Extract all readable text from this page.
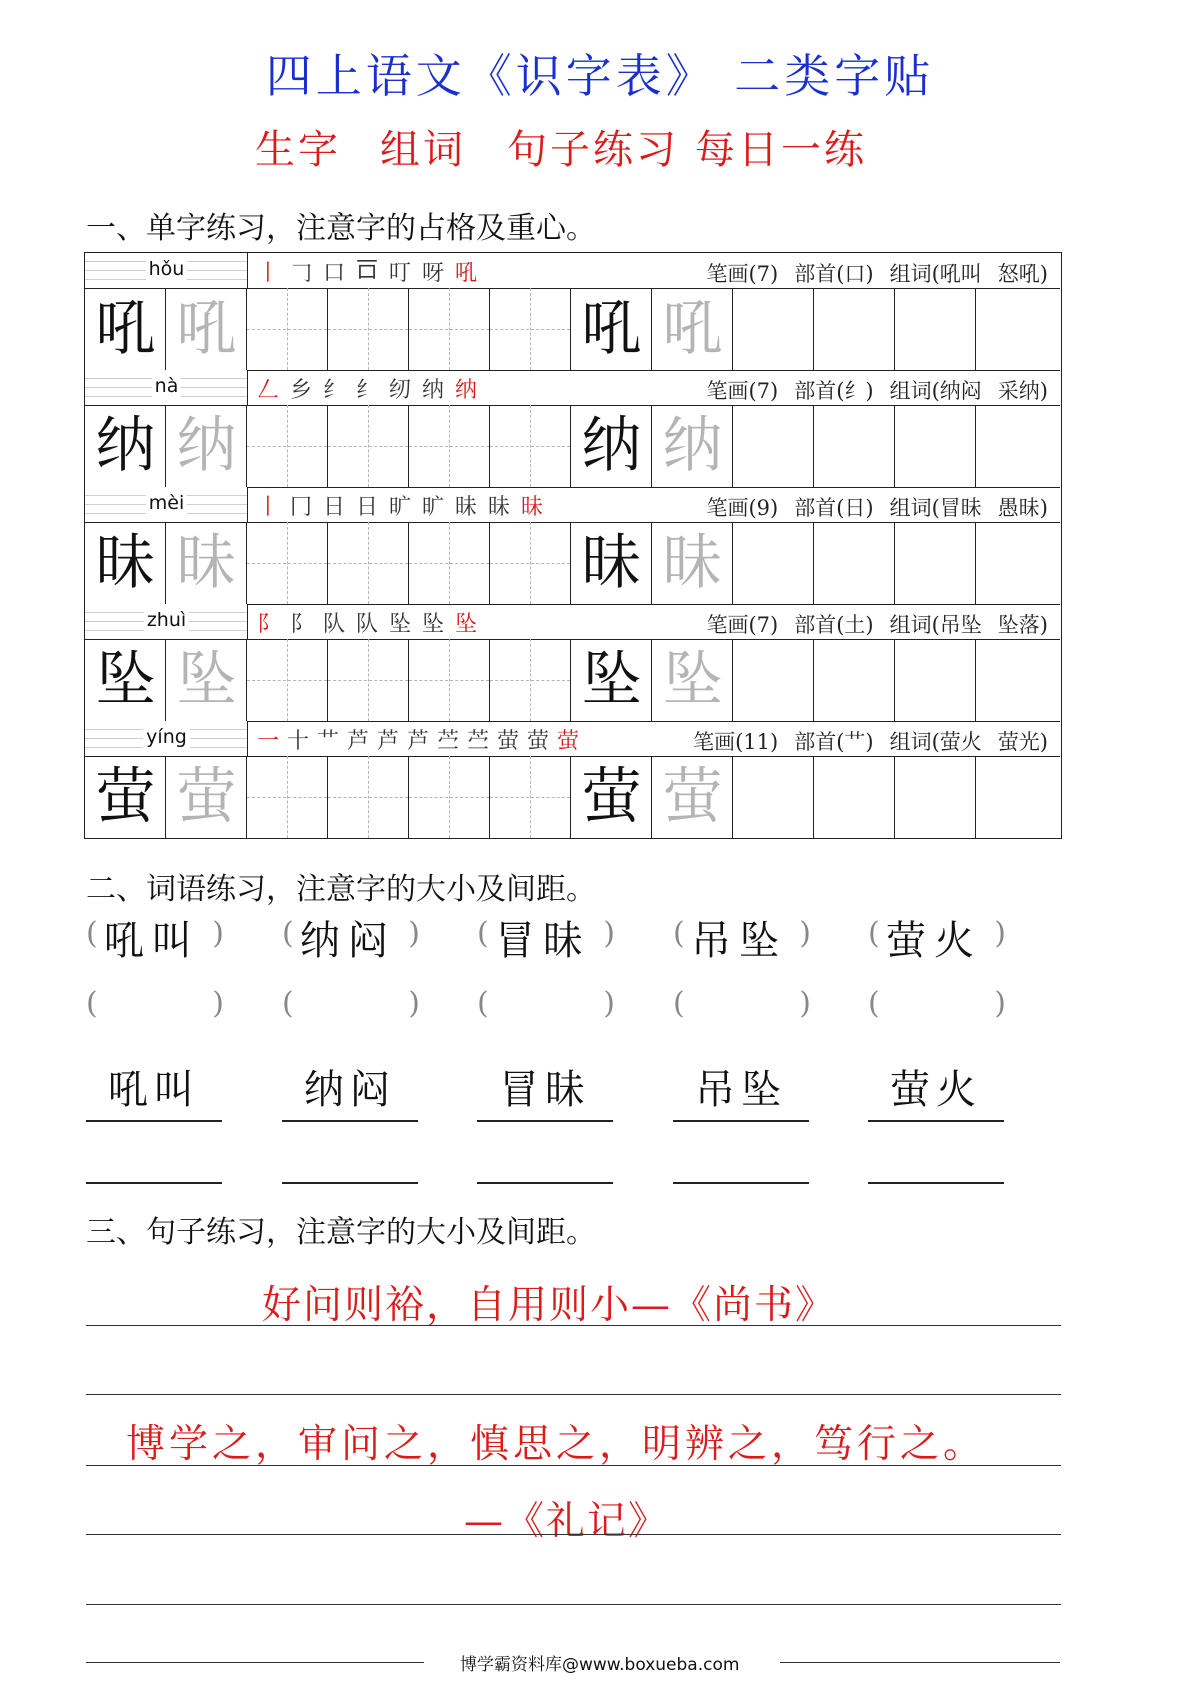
四上语文《识字表》 二类字贴
生字 组词 句子练习 每日一练
一、单字练习，注意字的占格及重心。
hǒu	丨 𠃌 口 𠮛 叮 呀 吼	笔画(7) 部首(口) 组词(吼叫 怒吼)
吼 吼	吼 吼
nà	𠃋 乡 纟 纟 纫 纳 纳	笔画(7) 部首(纟) 组词(纳闷 采纳)
纳 纳	纳 纳
mèi	丨 冂 日 日 旷 旷 昧 昧 昧	笔画(9) 部首(日) 组词(冒昧 愚昧)
昧 昧	昧 昧
zhuì	阝 阝 队 队 坠 坠 坠	笔画(7) 部首(土) 组词(吊坠 坠落)
坠 坠	坠 坠
yíng	一 十 艹 芦 芦 芦 苎 苎 萤 萤 萤	笔画(11) 部首(艹) 组词(萤火 萤光)
萤 萤	萤 萤
二、词语练习，注意字的大小及间距。
(	)
吼叫
(	)
吼叫
(	)
纳闷
(	)
纳闷
(	)
冒昧
(	)
冒昧
(	)
吊坠
(	)
吊坠
(	)
萤火
(	)
萤火
三、句子练习，注意字的大小及间距。
好问则裕，自用则小—《尚书》
博学之，审问之，慎思之，明辨之，笃行之。
—《礼记》
博学霸资料库@www.boxueba.com
